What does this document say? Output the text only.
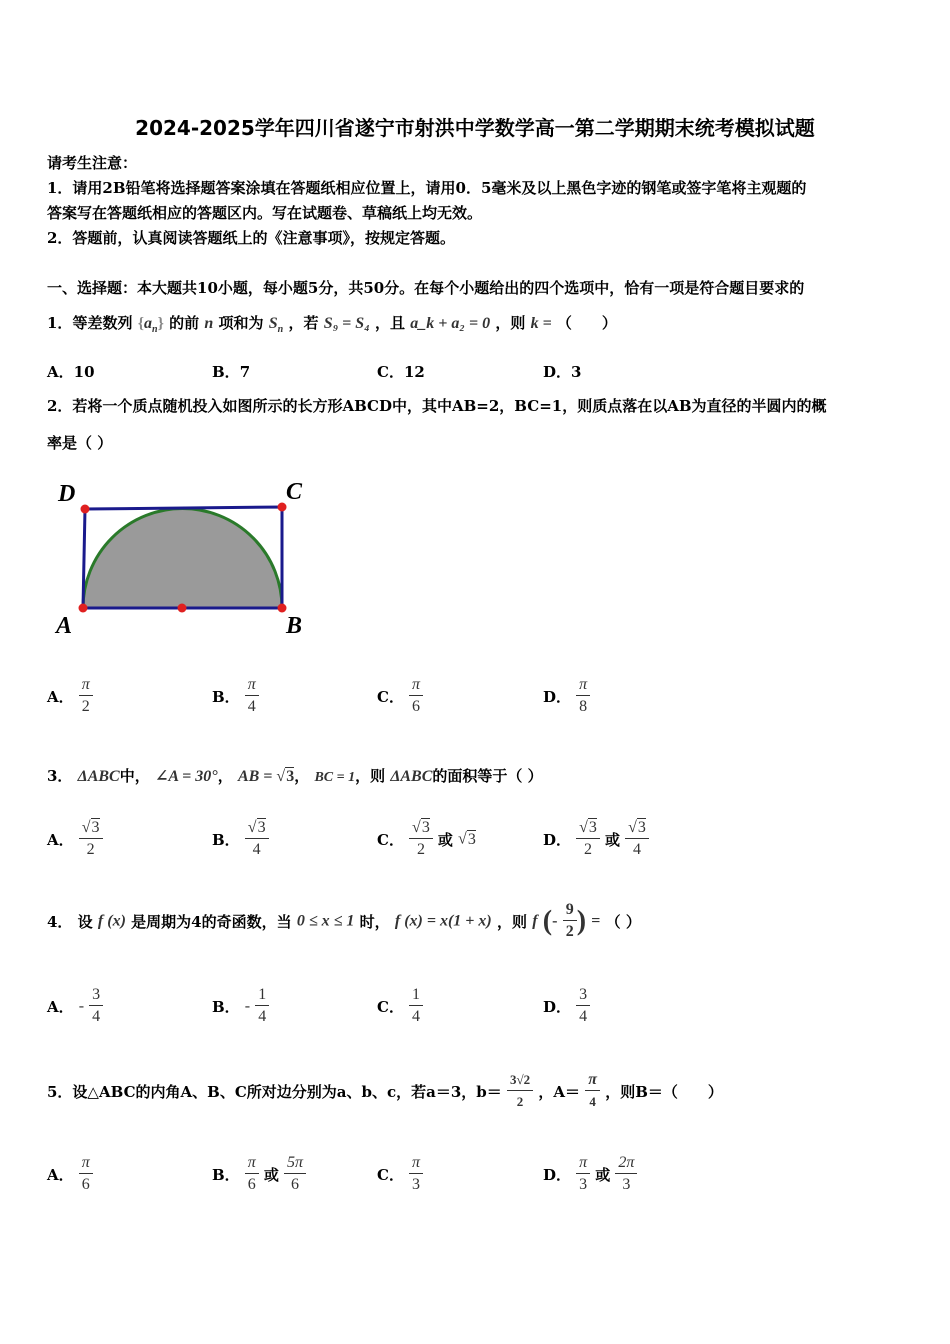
2024-2025学年四川省遂宁市射洪中学数学高一第二学期期末统考模拟试题
请考生注意：
1．请用2B铅笔将选择题答案涂填在答题纸相应位置上，请用0．5毫米及以上黑色字迹的钢笔或签字笔将主观题的
答案写在答题纸相应的答题区内。写在试题卷、草稿纸上均无效。
2．答题前，认真阅读答题纸上的《注意事项》，按规定答题。
一、选择题：本大题共10小题，每小题5分，共50分。在每个小题给出的四个选项中，恰有一项是符合题目要求的
1．等差数列 $\{a_n\}$ 的前 n 项和为 $S_n$ ，若 S₉ = S₄ ，且 a_k + a₂ = 0 ，则 k = （　　）
A．10	B．7	C．12	D．3
2．若将一个质点随机投入如图所示的长方形ABCD中，其中AB=2，BC=1，则质点落在以AB为直径的半圆内的概
率是（ ）
A	B
C
D
A． $\frac{\pi}{2}$	B． $\frac{\pi}{4}$	C． $\frac{\pi}{6}$	D． $\frac{\pi}{8}$
3． ΔABC中， ∠A = 30°， AB = √3， BC = 1，则 ΔABC的面积等于（ ）
A． $\frac{√3}{2}$	B． $\frac{√3}{4}$	C． $\frac{√3}{2}$ 或 √3	D． $\frac{√3}{2}$ 或 $\frac{√3}{4}$
4． 设 f (x) 是周期为4的奇函数，当 0 ≤ x ≤ 1 时， f (x) = x(1 + x) ，则 f (- $\frac{9}{2}$ ) = （ ）
A． - $\frac{3}{4}$	B． - $\frac{1}{4}$	C． $\frac{1}{4}$	D． $\frac{3}{4}$
5．设△ABC的内角A、B、C所对边分别为a、b、c，若a＝3，$b= \frac{3√2}{2}$ ，$A= \frac{\pi}{4}$ ，则B＝（　　）
A． $\frac{\pi}{6}$	B． $\frac{\pi}{6}$ 或 $\frac{5\pi}{6}$	C． $\frac{\pi}{3}$	D． $\frac{\pi}{3}$ 或 $\frac{2\pi}{3}$
